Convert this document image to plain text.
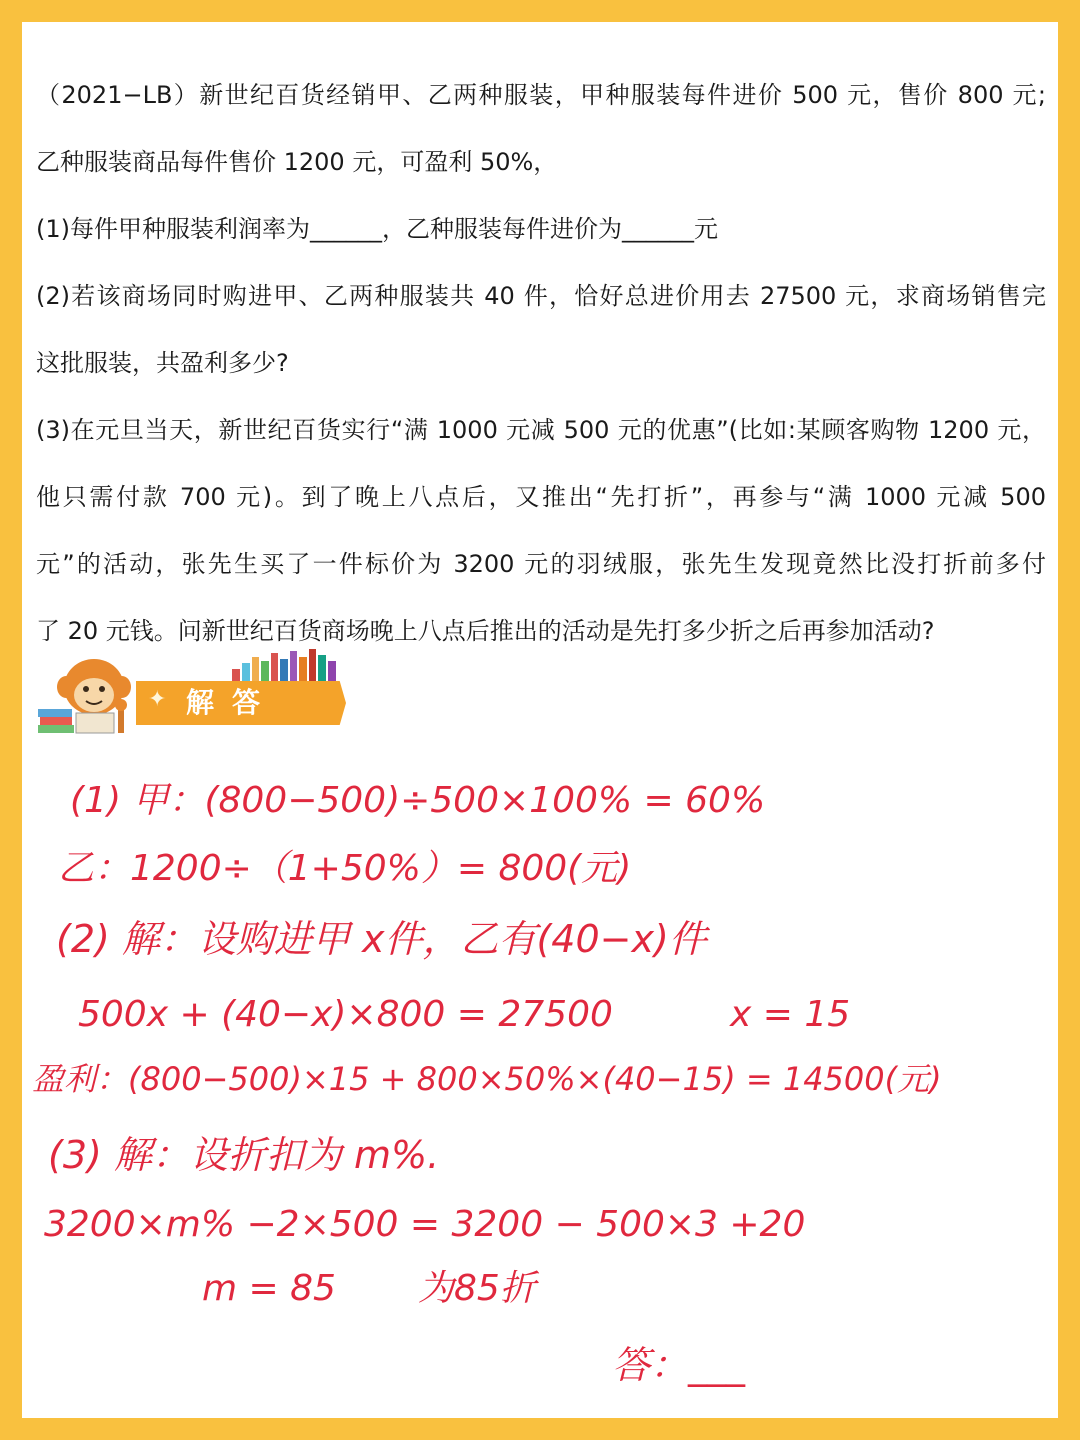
（2021−LB）新世纪百货经销甲、乙两种服装，甲种服装每件进价 500 元，售价 800 元;

乙种服装商品每件售价 1200 元，可盈利 50%，

(1)每件甲种服装利润率为______，乙种服装每件进价为______元

(2)若该商场同时购进甲、乙两种服装共 40 件，恰好总进价用去 27500 元，求商场销售完

这批服装，共盈利多少?

(3)在元旦当天，新世纪百货实行“满 1000 元减 500 元的优惠”(比如:某顾客购物 1200 元，

他只需付款 700 元)。到了晚上八点后，又推出“先打折”，再参与“满 1000 元减 500

元”的活动，张先生买了一件标价为 3200 元的羽绒服，张先生发现竟然比没打折前多付

了 20 元钱。问新世纪百货商场晚上八点后推出的活动是先打多少折之后再参加活动?

✦ 解答
(1) 甲：(800−500)÷500×100% = 60%
乙：1200÷（1+50%）= 800(元)
(2) 解：设购进甲 x件，乙有(40−x)件
500x + (40−x)×800 = 27500	x = 15
盈利：(800−500)×15 + 800×50%×(40−15) = 14500(元)
(3) 解：设折扣为 m%.
3200×m% −2×500 = 3200 − 500×3 +20
m = 85 为85折
答：___
